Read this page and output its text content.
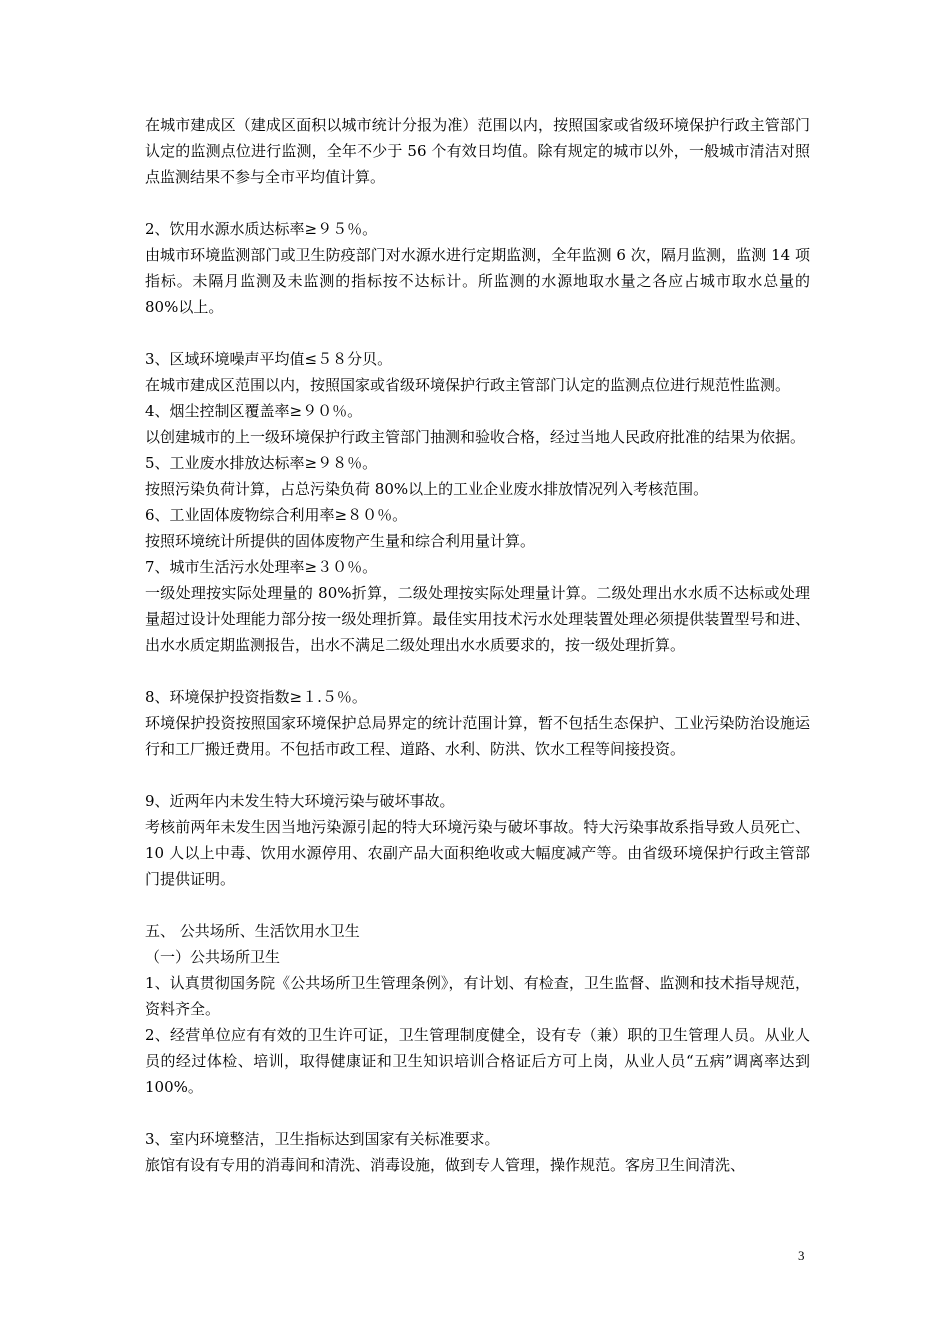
在城市建成区（建成区面积以城市统计分报为准）范围以内，按照国家或省级环境保护行政主管部门认定的监测点位进行监测，全年不少于 56 个有效日均值。除有规定的城市以外，一般城市清洁对照点监测结果不参与全市平均值计算。

2、饮用水源水质达标率≥９５％。

由城市环境监测部门或卫生防疫部门对水源水进行定期监测，全年监测 6 次，隔月监测，监测 14 项指标。未隔月监测及未监测的指标按不达标计。所监测的水源地取水量之各应占城市取水总量的 80%以上。

3、区域环境噪声平均值≤５８分贝。

在城市建成区范围以内，按照国家或省级环境保护行政主管部门认定的监测点位进行规范性监测。

4、烟尘控制区覆盖率≥９０％。

以创建城市的上一级环境保护行政主管部门抽测和验收合格，经过当地人民政府批准的结果为依据。

5、工业废水排放达标率≥９８％。

按照污染负荷计算，占总污染负荷 80%以上的工业企业废水排放情况列入考核范围。

6、工业固体废物综合利用率≥８０％。

按照环境统计所提供的固体废物产生量和综合利用量计算。

7、城市生活污水处理率≥３０％。

一级处理按实际处理量的 80%折算，二级处理按实际处理量计算。二级处理出水水质不达标或处理量超过设计处理能力部分按一级处理折算。最佳实用技术污水处理装置处理必须提供装置型号和进、出水水质定期监测报告，出水不满足二级处理出水水质要求的，按一级处理折算。

8、环境保护投资指数≥１.５％。

环境保护投资按照国家环境保护总局界定的统计范围计算，暂不包括生态保护、工业污染防治设施运行和工厂搬迁费用。不包括市政工程、道路、水利、防洪、饮水工程等间接投资。

9、近两年内未发生特大环境污染与破坏事故。

考核前两年未发生因当地污染源引起的特大环境污染与破坏事故。特大污染事故系指导致人员死亡、10 人以上中毒、饮用水源停用、农副产品大面积绝收或大幅度减产等。由省级环境保护行政主管部门提供证明。

五、 公共场所、生活饮用水卫生

（一）公共场所卫生

1、认真贯彻国务院《公共场所卫生管理条例》，有计划、有检查，卫生监督、监测和技术指导规范，资料齐全。

2、经营单位应有有效的卫生许可证，卫生管理制度健全，设有专（兼）职的卫生管理人员。从业人员的经过体检、培训，取得健康证和卫生知识培训合格证后方可上岗，从业人员“五病”调离率达到 100%。

3、室内环境整洁，卫生指标达到国家有关标准要求。

旅馆有设有专用的消毒间和清洗、消毒设施，做到专人管理，操作规范。客房卫生间清洗、

3
